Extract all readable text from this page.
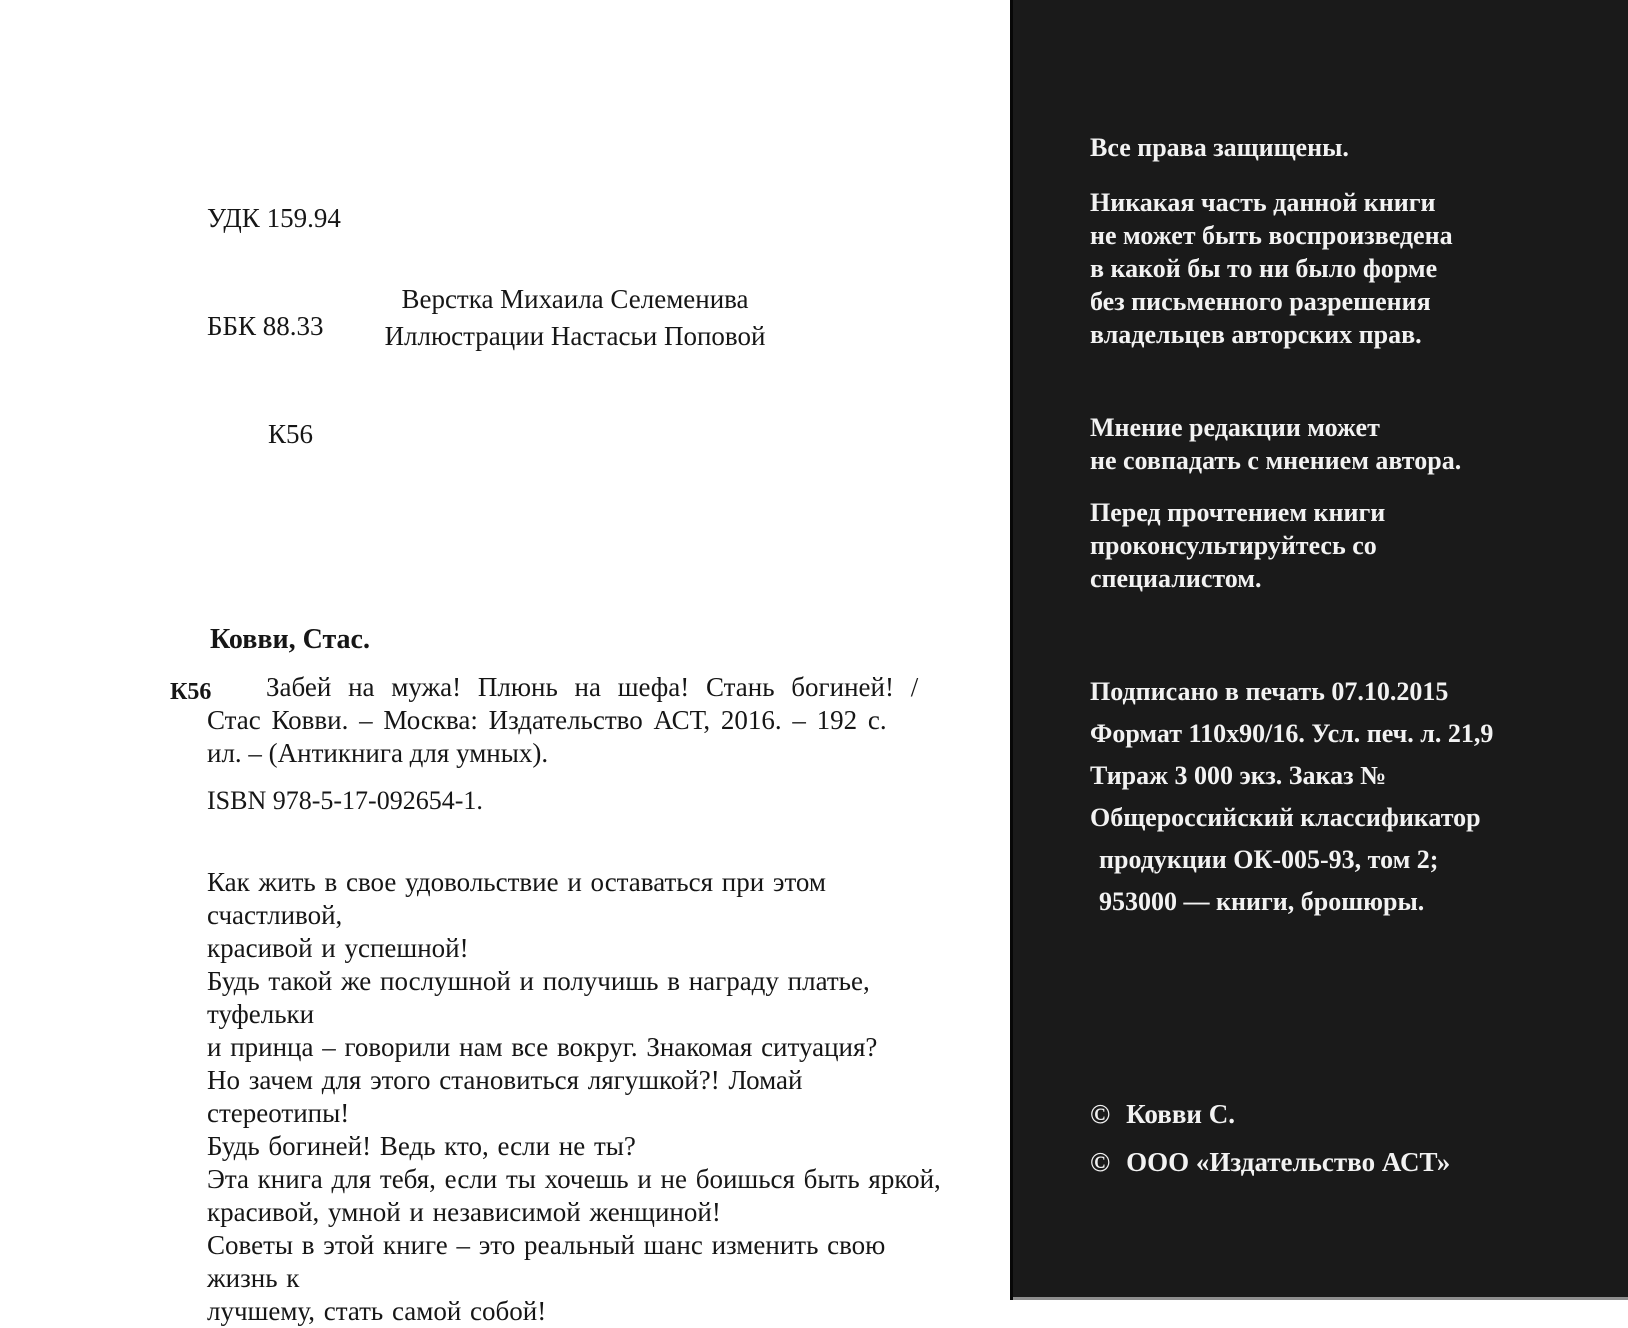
УДК 159.94

ББК 88.33

К56

Верстка Михаила Селеменива
Иллюстрации Настасьи Поповой
Ковви, Стас.
К56	Забей на мужа! Плюнь на шефа! Стань богиней! /
Стас Ковви. – Москва: Издательство АСТ, 2016. – 192 с.
ил. – (Антикнига для умных).
ISBN 978-5-17-092654-1.
Как жить в свое удовольствие и оставаться при этом счастливой,
красивой и успешной!
Будь такой же послушной и получишь в награду платье, туфельки
и принца – говорили нам все вокруг. Знакомая ситуация?
Но зачем для этого становиться лягушкой?! Ломай стереотипы!
Будь богиней! Ведь кто, если не ты?
Эта книга для тебя, если ты хочешь и не боишься быть яркой,
красивой, умной и независимой женщиной!
Советы в этой книге – это реальный шанс изменить свою жизнь к
лучшему, стать самой собой!
Все права защищены.
Никакая часть данной книги
не может быть воспроизведена
в какой бы то ни было форме
без письменного разрешения
владельцев авторских прав.
Мнение редакции может
не совпадать с мнением автора.
Перед прочтением книги
проконсультируйтесь со
специалистом.
Подписано в печать 07.10.2015
Формат 110х90/16. Усл. печ. л. 21,9
Тираж 3 000 экз. Заказ №
Общероссийский классификатор
продукции ОК-005-93, том 2;
953000 — книги, брошюры.
© Ковви С.
© ООО «Издательство АСТ»
